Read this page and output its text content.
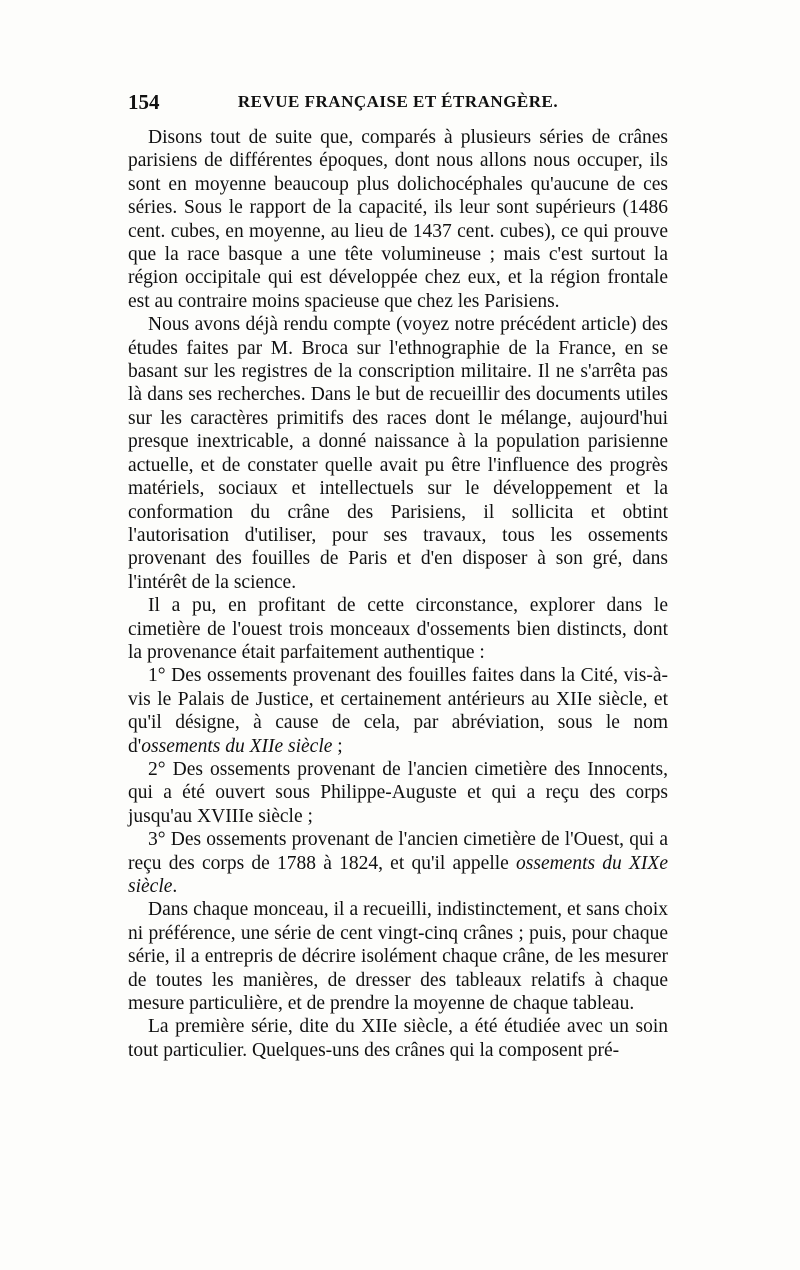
154	REVUE FRANÇAISE ET ÉTRANGÈRE.

Disons tout de suite que, comparés à plusieurs séries de crânes parisiens de différentes époques, dont nous allons nous occuper, ils sont en moyenne beaucoup plus dolichocéphales qu'aucune de ces séries. Sous le rapport de la capacité, ils leur sont supérieurs (1486 cent. cubes, en moyenne, au lieu de 1437 cent. cubes), ce qui prouve que la race basque a une tête volumineuse ; mais c'est surtout la région occipitale qui est développée chez eux, et la région frontale est au contraire moins spacieuse que chez les Parisiens.

Nous avons déjà rendu compte (voyez notre précédent article) des études faites par M. Broca sur l'ethnographie de la France, en se basant sur les registres de la conscription militaire. Il ne s'arrêta pas là dans ses recherches. Dans le but de recueillir des documents utiles sur les caractères primitifs des races dont le mélange, aujourd'hui presque inextricable, a donné naissance à la population parisienne actuelle, et de constater quelle avait pu être l'influence des progrès matériels, sociaux et intellectuels sur le développement et la conformation du crâne des Parisiens, il sollicita et obtint l'autorisation d'utiliser, pour ses travaux, tous les ossements provenant des fouilles de Paris et d'en disposer à son gré, dans l'intérêt de la science.

Il a pu, en profitant de cette circonstance, explorer dans le cimetière de l'ouest trois monceaux d'ossements bien distincts, dont la provenance était parfaitement authentique :

1° Des ossements provenant des fouilles faites dans la Cité, vis-à-vis le Palais de Justice, et certainement antérieurs au XIIe siècle, et qu'il désigne, à cause de cela, par abréviation, sous le nom d'ossements du XIIe siècle ;

2° Des ossements provenant de l'ancien cimetière des Innocents, qui a été ouvert sous Philippe-Auguste et qui a reçu des corps jusqu'au XVIIIe siècle ;

3° Des ossements provenant de l'ancien cimetière de l'Ouest, qui a reçu des corps de 1788 à 1824, et qu'il appelle ossements du XIXe siècle.

Dans chaque monceau, il a recueilli, indistinctement, et sans choix ni préférence, une série de cent vingt-cinq crânes ; puis, pour chaque série, il a entrepris de décrire isolément chaque crâne, de les mesurer de toutes les manières, de dresser des tableaux relatifs à chaque mesure particulière, et de prendre la moyenne de chaque tableau.

La première série, dite du XIIe siècle, a été étudiée avec un soin tout particulier. Quelques-uns des crânes qui la composent pré-
